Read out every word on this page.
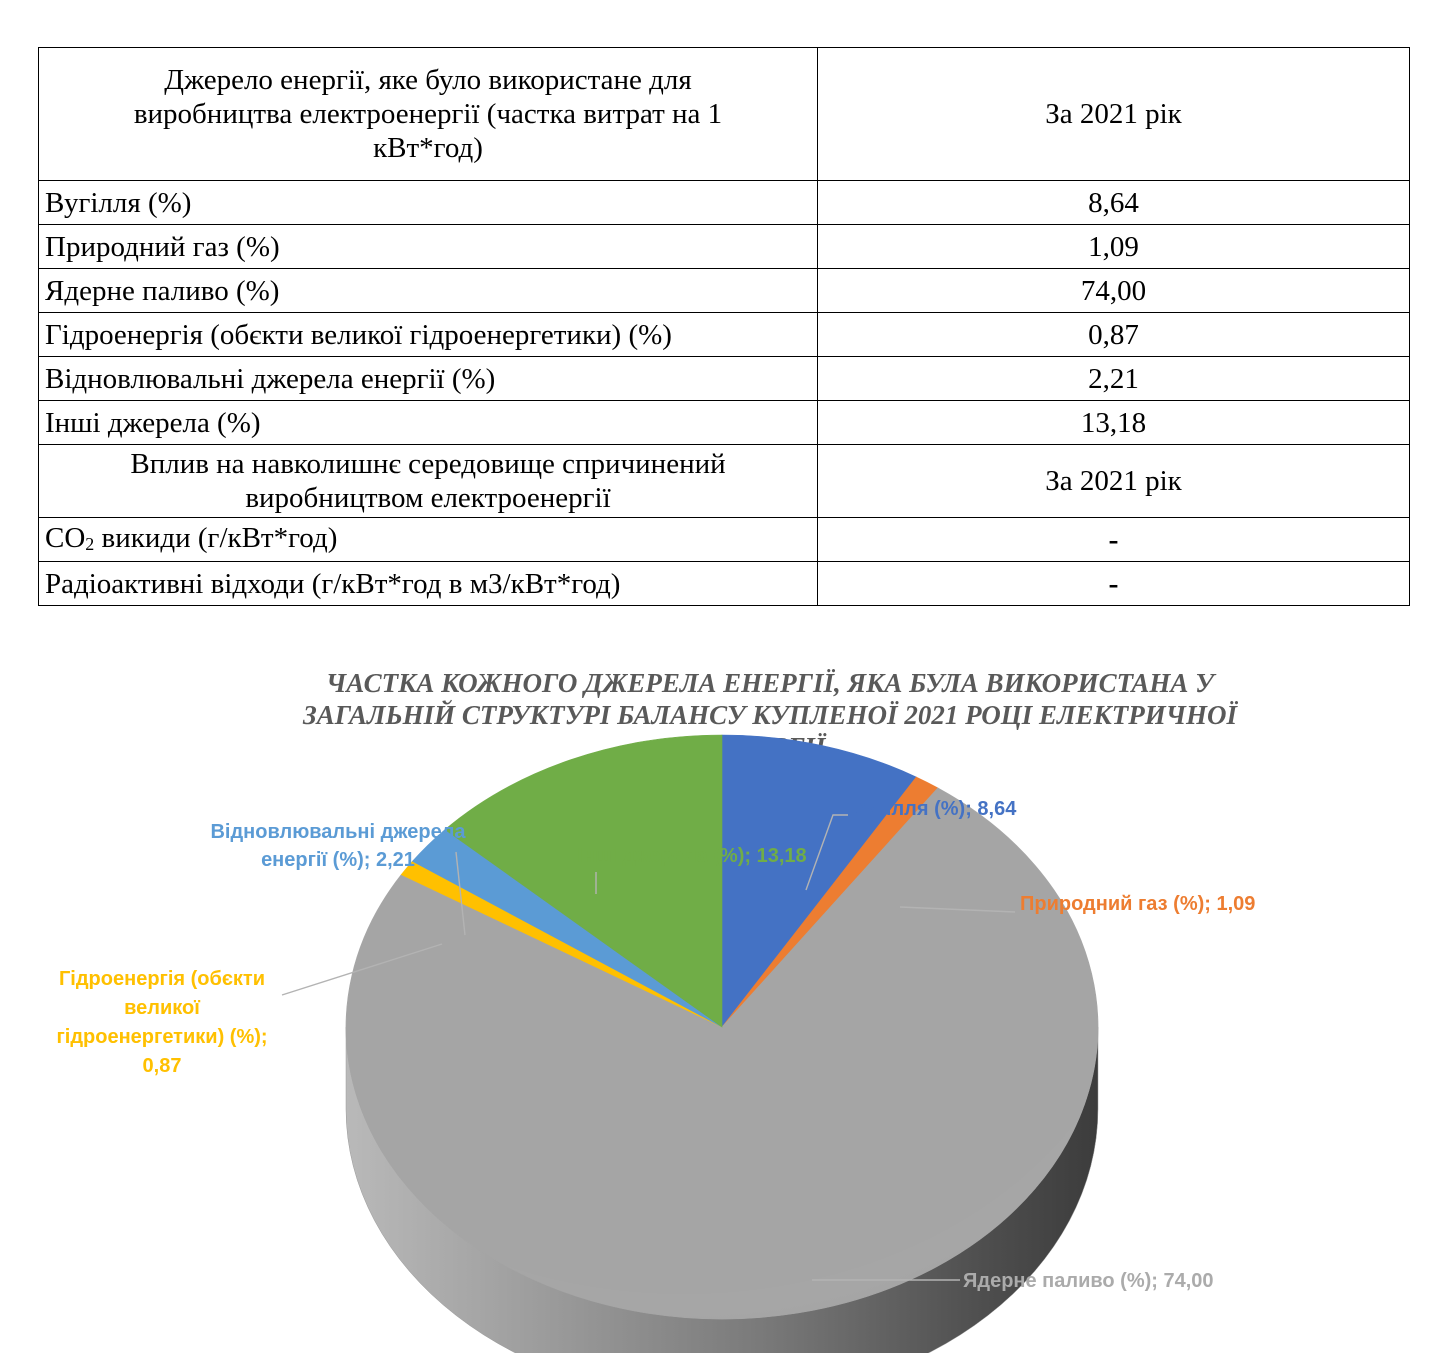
Джерело енергії, яке було використане для
виробництва електроенергії (частка витрат на 1
кВт*год)	За 2021 рік
Вугілля (%)	8,64
Природний газ (%)	1,09
Ядерне паливо (%)	74,00
Гідроенергія (обєкти великої гідроенергетики) (%)	0,87
Відновлювальні джерела енергії (%)	2,21
Інші джерела (%)	13,18
Вплив на навколишнє середовище спричинений
виробництвом електроенергії	За 2021 рік
$CO_2$ викиди (г/кВт*год)	-
Радіоактивні відходи (г/кВт*год в м3/кВт*год)	-
ЧАСТКА КОЖНОГО ДЖЕРЕЛА ЕНЕРГІЇ, ЯКА БУЛА ВИКОРИСТАНА У
ЗАГАЛЬНІЙ СТРУКТУРІ БАЛАНСУ КУПЛЕНОЇ 2021 РОЦІ ЕЛЕКТРИЧНОЇ
Вугілля (%); 8,64
Природний газ (%); 1,09
Ядерне паливо (%); 74,00
Гідроенергія (обєкти великої гідроенергетики) (%); 0,87
Відновлювальні джерела енергії (%); 2,21	Інші джерела (%); 13,18
